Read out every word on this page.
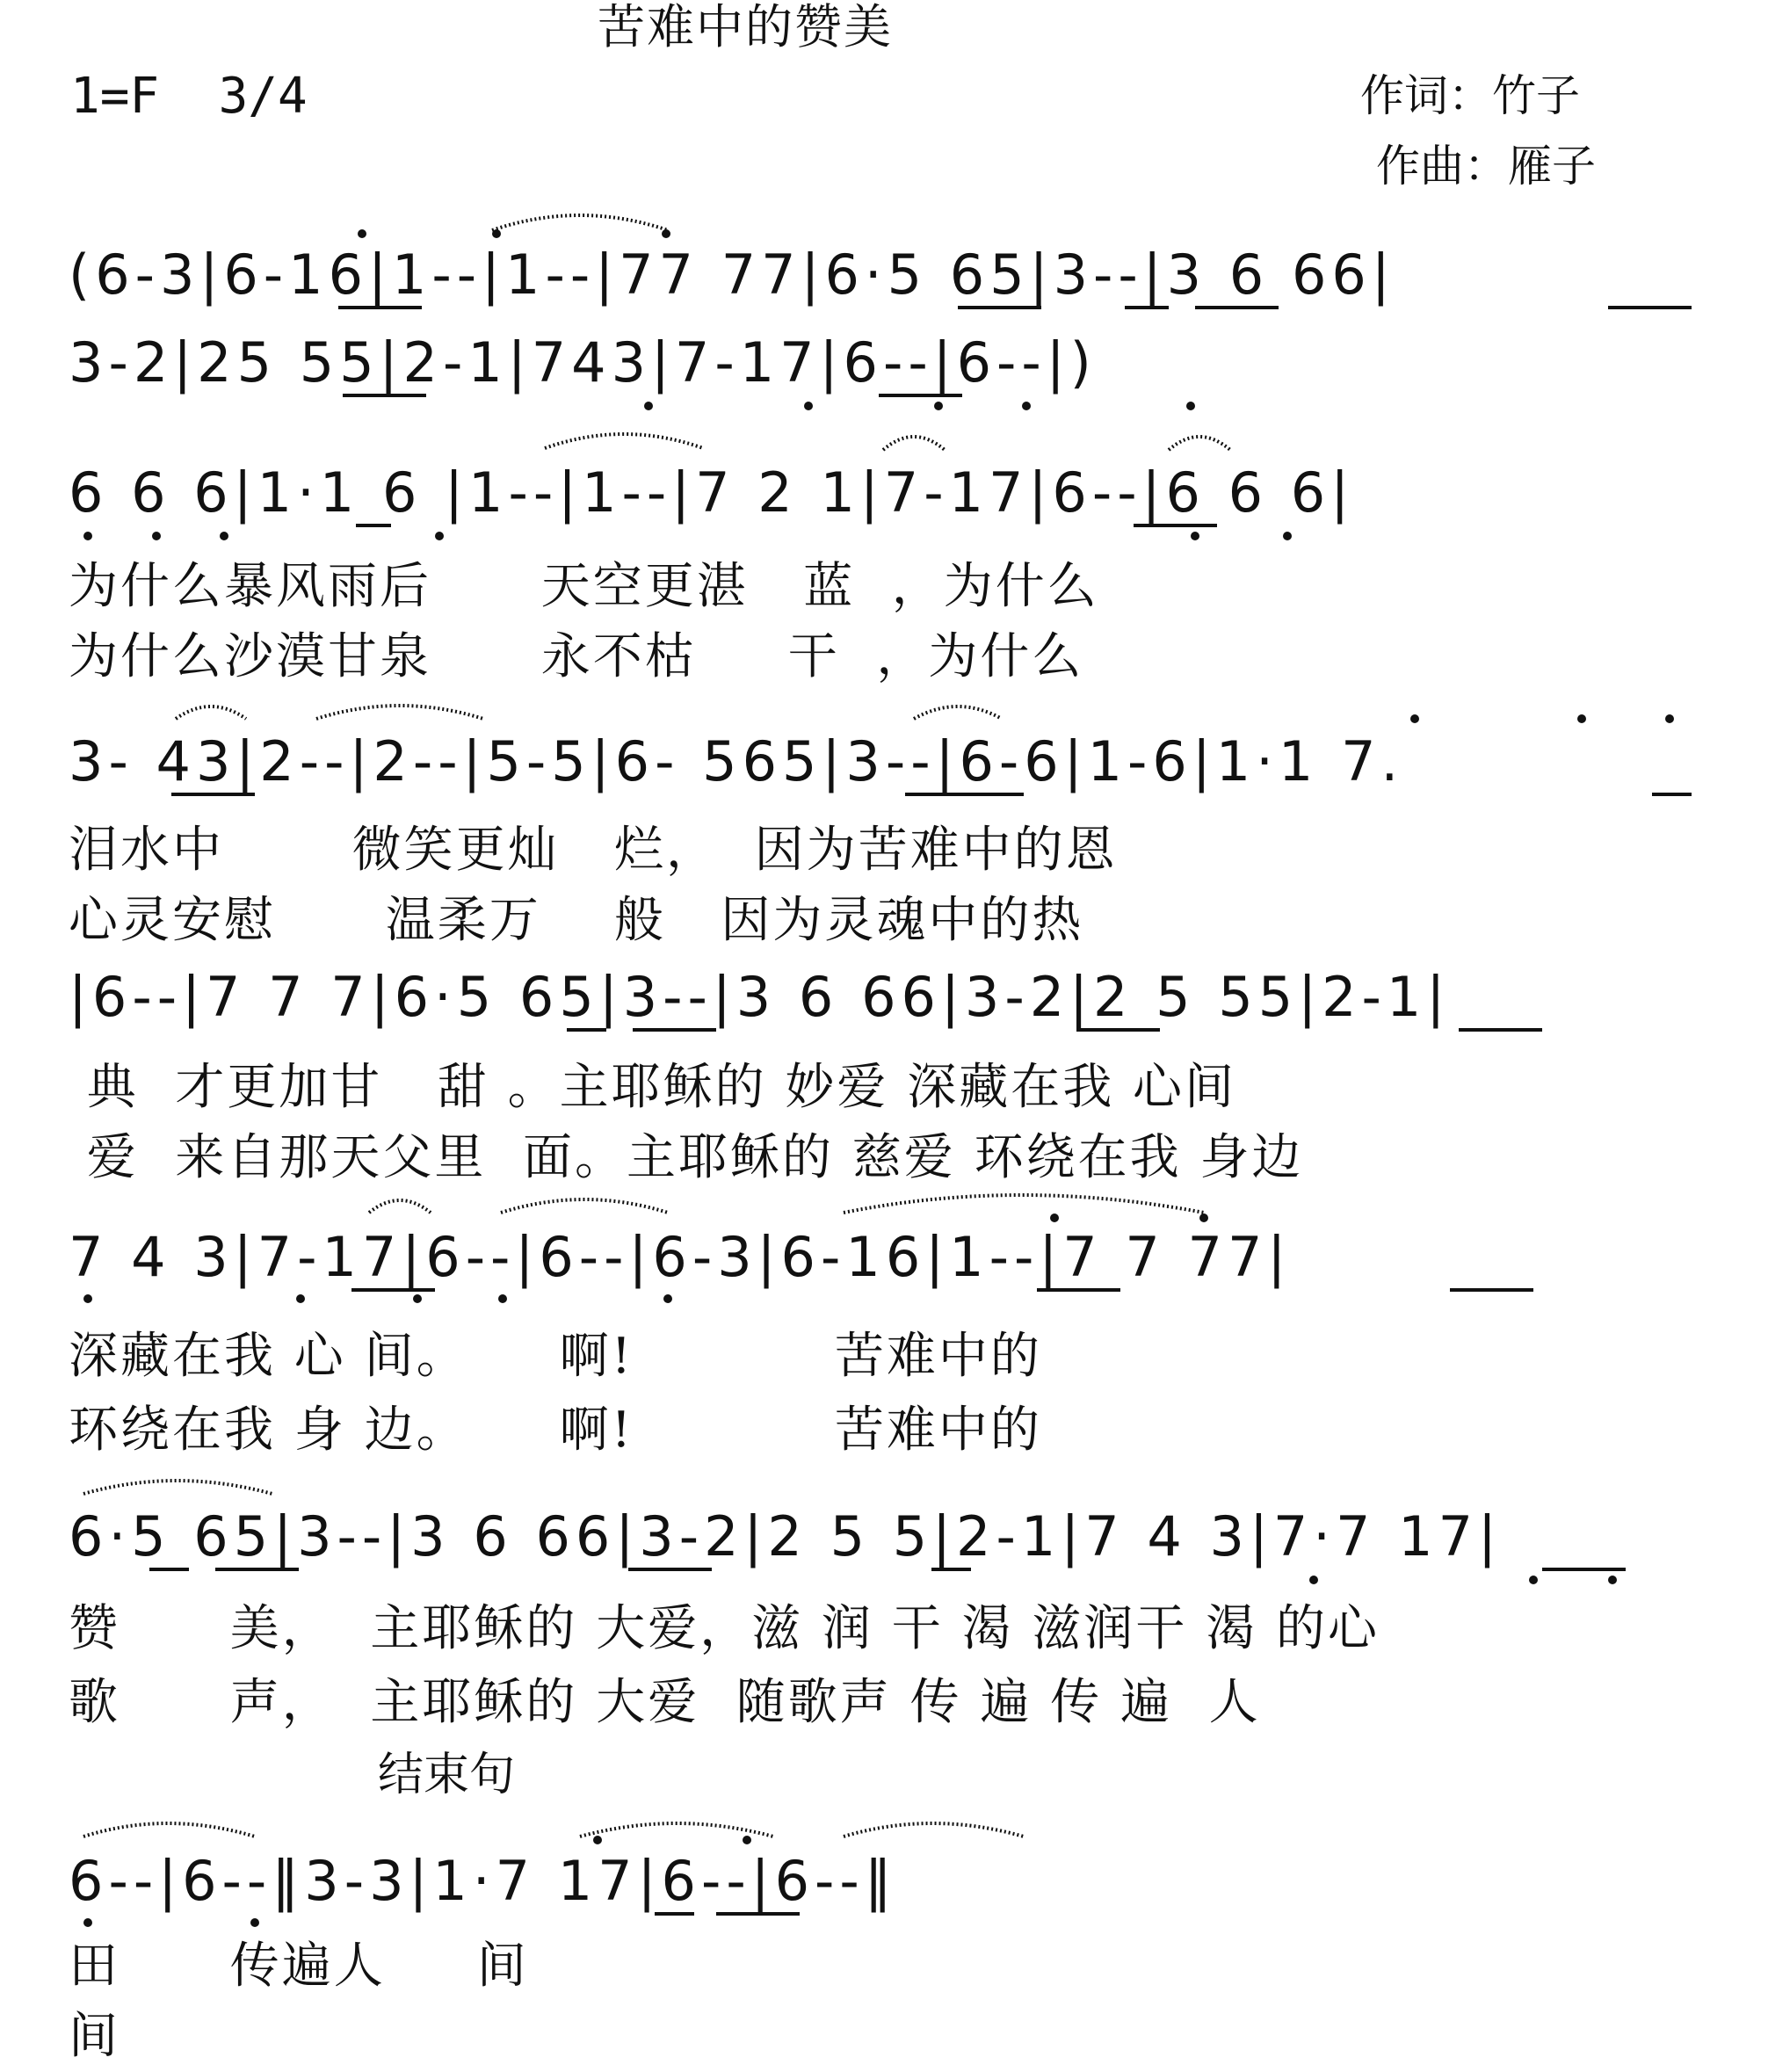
苦难中的赞美
1=F  3/4	作词：竹子
作曲：雁子
(6-3|6-16|1--|1--|77 77|6·5 65|3--|3 6 66|
3-2|25 55|2-1|743|7-17|6--|6--|)
6 6 6|1·1 6 |1--|1--|7 2 1|7-17|6--|6 6 6|
为什么暴风雨后      天空更湛   蓝  ，为什么
为什么沙漠甘泉      永不枯     干  ，为什么
3- 43|2--|2--|5-5|6- 565|3--|6-6|1-6|1·1 7.
泪水中       微笑更灿   烂，  因为苦难中的恩
心灵安慰      温柔万    般   因为灵魂中的热
|6--|7 7 7|6·5 65|3--|3 6 66|3-2|2 5 55|2-1|
典  才更加甘   甜 。主耶稣的 妙爱 深藏在我 心间
爱  来自那天父里  面。主耶稣的 慈爱 环绕在我 身边
7 4 3|7-17|6--|6--|6-3|6-16|1--|7 7 77|
深藏在我 心 间。     啊!           苦难中的
环绕在我 身 边。     啊!           苦难中的
6·5 65|3--|3 6 66|3-2|2 5 5|2-1|7 4 3|7·7 17|
赞      美，  主耶稣的 大爱，滋 润 干 渴 滋润干 渴 的心
歌      声，  主耶稣的 大爱  随歌声 传 遍 传 遍  人
结束句
6--|6--‖3-3|1·7 17|6--|6--‖
田      传遍人     间
间
